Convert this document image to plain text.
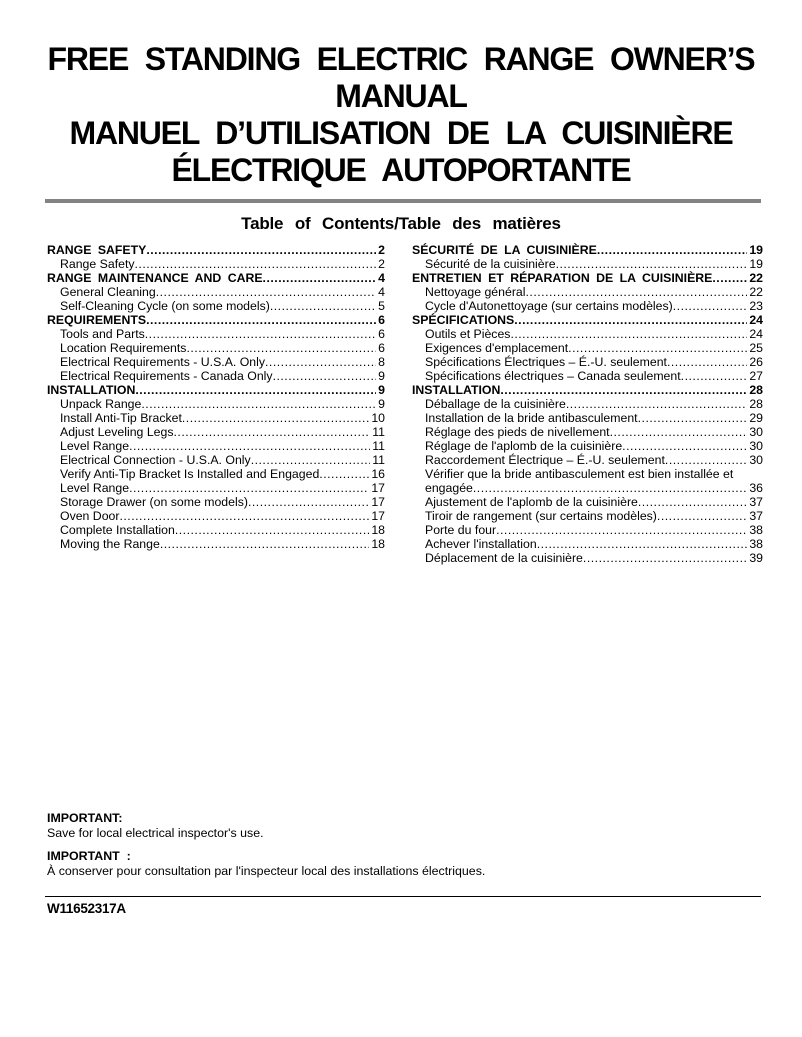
FREE STANDING ELECTRIC RANGE OWNER’S
MANUAL
MANUEL D’UTILISATION DE LA CUISINIÈRE
ÉLECTRIQUE AUTOPORTANTE
Table of Contents/Table des matières
RANGE SAFETY .....	2
Range Safety .....	2
RANGE MAINTENANCE AND CARE .....	4
General Cleaning .....	4
Self-Cleaning Cycle (on some models) .....	5
REQUIREMENTS .....	6
Tools and Parts .....	6
Location Requirements .....	6
Electrical Requirements - U.S.A. Only .....	8
Electrical Requirements - Canada Only .....	9
INSTALLATION .....	9
Unpack Range .....	9
Install Anti-Tip Bracket .....	10
Adjust Leveling Legs .....	11
Level Range .....	11
Electrical Connection - U.S.A. Only .....	11
Verify Anti-Tip Bracket Is Installed and Engaged .....	16
Level Range .....	17
Storage Drawer (on some models) .....	17
Oven Door .....	17
Complete Installation .....	18
Moving the Range .....	18
SÉCURITÉ DE LA CUISINIÈRE .....	19
Sécurité de la cuisinière .....	19
ENTRETIEN ET RÉPARATION DE LA CUISINIÈRE .....	22
Nettoyage général .....	22
Cycle d'Autonettoyage (sur certains modèles) .....	23
SPÉCIFICATIONS .....	24
Outils et Pièces .....	24
Exigences d'emplacement .....	25
Spécifications Électriques – É.-U. seulement .....	26
Spécifications électriques – Canada seulement .....	27
INSTALLATION .....	28
Déballage de la cuisinière .....	28
Installation de la bride antibasculement .....	29
Réglage des pieds de nivellement .....	30
Réglage de l'aplomb de la cuisinière .....	30
Raccordement Électrique – É.-U. seulement .....	30
Vérifier que la bride antibasculement est bien installée et
engagée .....	36
Ajustement de l'aplomb de la cuisinière .....	37
Tiroir de rangement (sur certains modèles) .....	37
Porte du four .....	38
Achever l'installation .....	38
Déplacement de la cuisinière .....	39
IMPORTANT:
Save for local electrical inspector's use.
IMPORTANT  :
À conserver pour consultation par l'inspecteur local des installations électriques.
W11652317A
